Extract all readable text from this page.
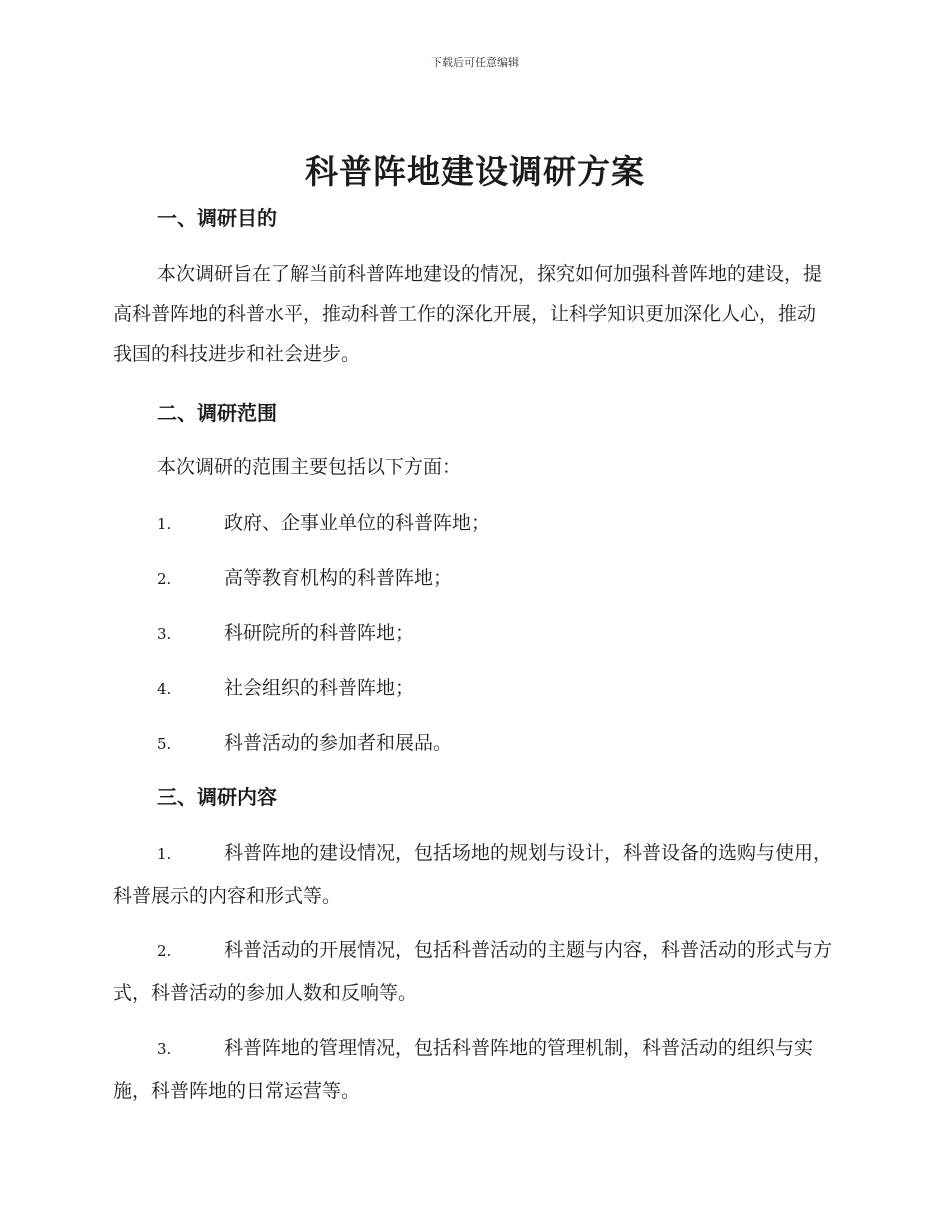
下载后可任意编辑
科普阵地建设调研方案
一、调研目的

本次调研旨在了解当前科普阵地建设的情况，探究如何加强科普阵地的建设，提高科普阵地的科普水平，推动科普工作的深化开展，让科学知识更加深化人心，推动我国的科技进步和社会进步。

二、调研范围

本次调研的范围主要包括以下方面：

1.	政府、企事业单位的科普阵地；

2.	高等教育机构的科普阵地；

3.	科研院所的科普阵地；

4.	社会组织的科普阵地；

5.	科普活动的参加者和展品。

三、调研内容

1.	科普阵地的建设情况，包括场地的规划与设计，科普设备的选购与使用，科普展示的内容和形式等。

2.	科普活动的开展情况，包括科普活动的主题与内容，科普活动的形式与方式，科普活动的参加人数和反响等。

3.	科普阵地的管理情况，包括科普阵地的管理机制，科普活动的组织与实施，科普阵地的日常运营等。
